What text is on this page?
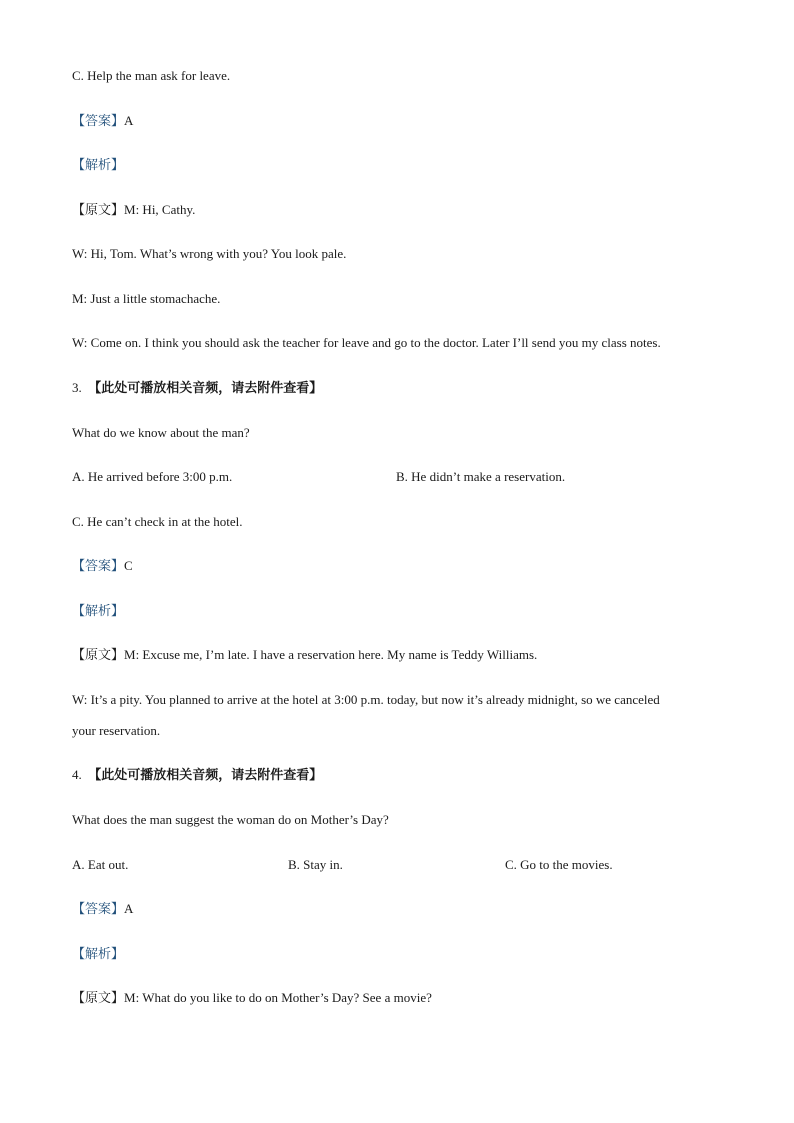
C. Help the man ask for leave.
【答案】A
【解析】
【原文】M: Hi, Cathy.
W: Hi, Tom. What’s wrong with you? You look pale.
M: Just a little stomachache.
W: Come on. I think you should ask the teacher for leave and go to the doctor. Later I’ll send you my class notes.
3. 【此处可播放相关音频，请去附件查看】
What do we know about the man?
A. He arrived before 3:00 p.m.	B. He didn’t make a reservation.
C. He can’t check in at the hotel.
【答案】C
【解析】
【原文】M: Excuse me, I’m late. I have a reservation here. My name is Teddy Williams.
W: It’s a pity. You planned to arrive at the hotel at 3:00 p.m. today, but now it’s already midnight, so we canceled
your reservation.
4. 【此处可播放相关音频，请去附件查看】
What does the man suggest the woman do on Mother’s Day?
A. Eat out.	B. Stay in.	C. Go to the movies.
【答案】A
【解析】
【原文】M: What do you like to do on Mother’s Day? See a movie?
